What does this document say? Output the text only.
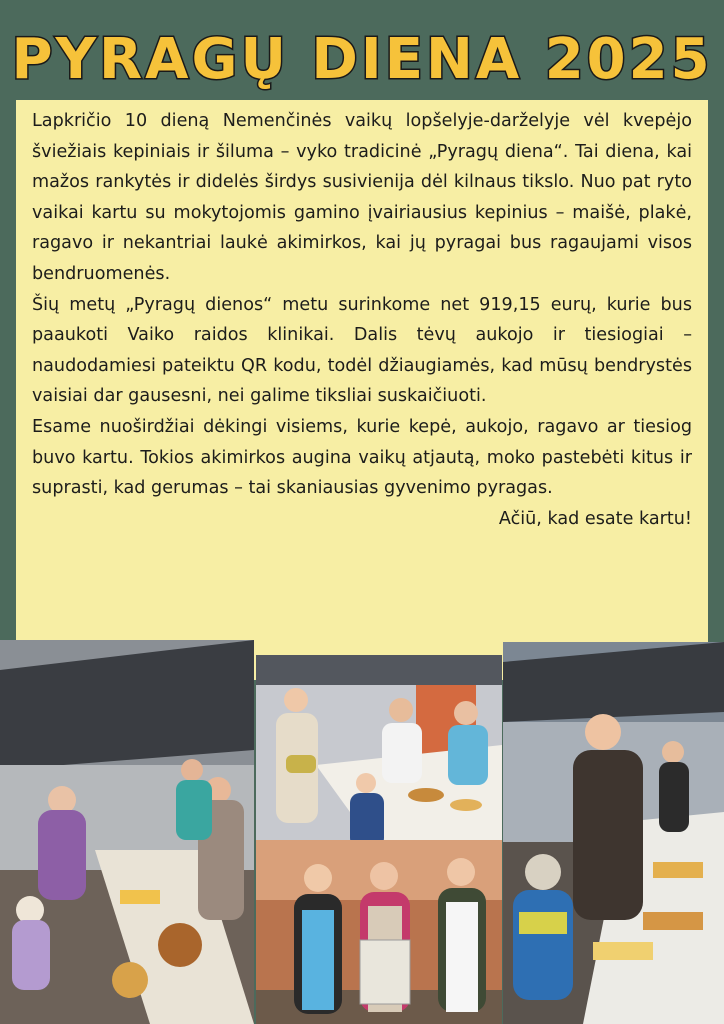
PYRAGŲ DIENA 2025

Lapkričio 10 dieną Nemenčinės vaikų lopšelyje-darželyje vėl kvepėjo šviežiais kepiniais ir šiluma – vyko tradicinė „Pyragų diena“. Tai diena, kai mažos rankytės ir didelės širdys susivienija dėl kilnaus tikslo. Nuo pat ryto vaikai kartu su mokytojomis gamino įvairiausius kepinius – maišė, plakė, ragavo ir nekantriai laukė akimirkos, kai jų pyragai bus ragaujami visos bendruomenės.

Šių metų „Pyragų dienos“ metu surinkome net 919,15 eurų, kurie bus paaukoti Vaiko raidos klinikai. Dalis tėvų aukojo ir tiesiogiai – naudodamiesi pateiktu QR kodu, todėl džiaugiamės, kad mūsų bendrystės vaisiai dar gausesni, nei galime tiksliai suskaičiuoti.

Esame nuoširdžiai dėkingi visiems, kurie kepė, aukojo, ragavo ar tiesiog buvo kartu. Tokios akimirkos augina vaikų atjautą, moko pastebėti kitus ir suprasti, kad gerumas – tai skaniausias gyvenimo pyragas.

Ačiū, kad esate kartu!
